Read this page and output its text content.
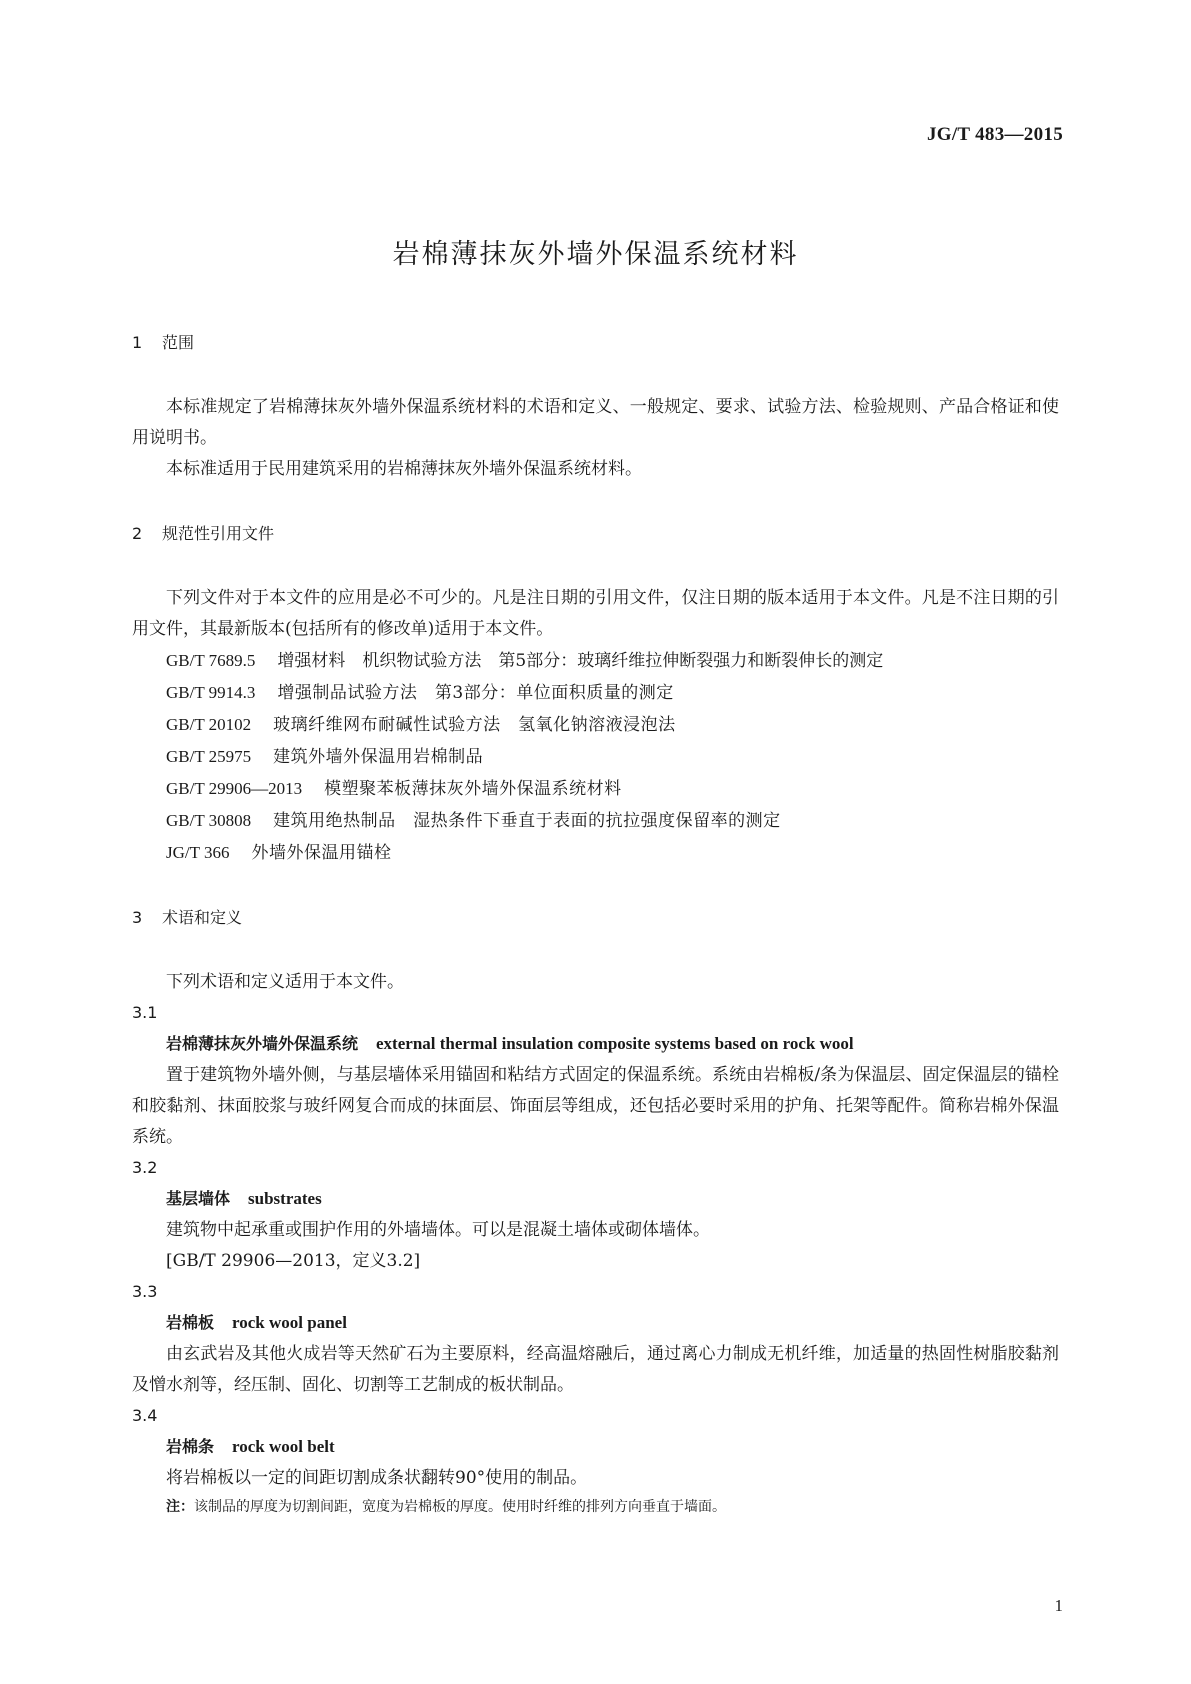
JG/T 483—2015
岩棉薄抹灰外墙外保温系统材料
1 范围

本标准规定了岩棉薄抹灰外墙外保温系统材料的术语和定义、一般规定、要求、试验方法、检验规则、产品合格证和使用说明书。

本标准适用于民用建筑采用的岩棉薄抹灰外墙外保温系统材料。

2 规范性引用文件

下列文件对于本文件的应用是必不可少的。凡是注日期的引用文件，仅注日期的版本适用于本文件。凡是不注日期的引用文件，其最新版本(包括所有的修改单)适用于本文件。

GB/T 7689.5 增强材料　机织物试验方法　第5部分：玻璃纤维拉伸断裂强力和断裂伸长的测定

GB/T 9914.3 增强制品试验方法　第3部分：单位面积质量的测定

GB/T 20102 玻璃纤维网布耐碱性试验方法　氢氧化钠溶液浸泡法

GB/T 25975 建筑外墙外保温用岩棉制品

GB/T 29906—2013 模塑聚苯板薄抹灰外墙外保温系统材料

GB/T 30808 建筑用绝热制品　湿热条件下垂直于表面的抗拉强度保留率的测定

JG/T 366 外墙外保温用锚栓

3 术语和定义

下列术语和定义适用于本文件。

3.1

岩棉薄抹灰外墙外保温系统 external thermal insulation composite systems based on rock wool

置于建筑物外墙外侧，与基层墙体采用锚固和粘结方式固定的保温系统。系统由岩棉板/条为保温层、固定保温层的锚栓和胶黏剂、抹面胶浆与玻纤网复合而成的抹面层、饰面层等组成，还包括必要时采用的护角、托架等配件。简称岩棉外保温系统。

3.2

基层墙体 substrates

建筑物中起承重或围护作用的外墙墙体。可以是混凝土墙体或砌体墙体。

[GB/T 29906—2013，定义3.2]

3.3

岩棉板 rock wool panel

由玄武岩及其他火成岩等天然矿石为主要原料，经高温熔融后，通过离心力制成无机纤维，加适量的热固性树脂胶黏剂及憎水剂等，经压制、固化、切割等工艺制成的板状制品。

3.4

岩棉条 rock wool belt

将岩棉板以一定的间距切割成条状翻转90°使用的制品。

注：该制品的厚度为切割间距，宽度为岩棉板的厚度。使用时纤维的排列方向垂直于墙面。

1
